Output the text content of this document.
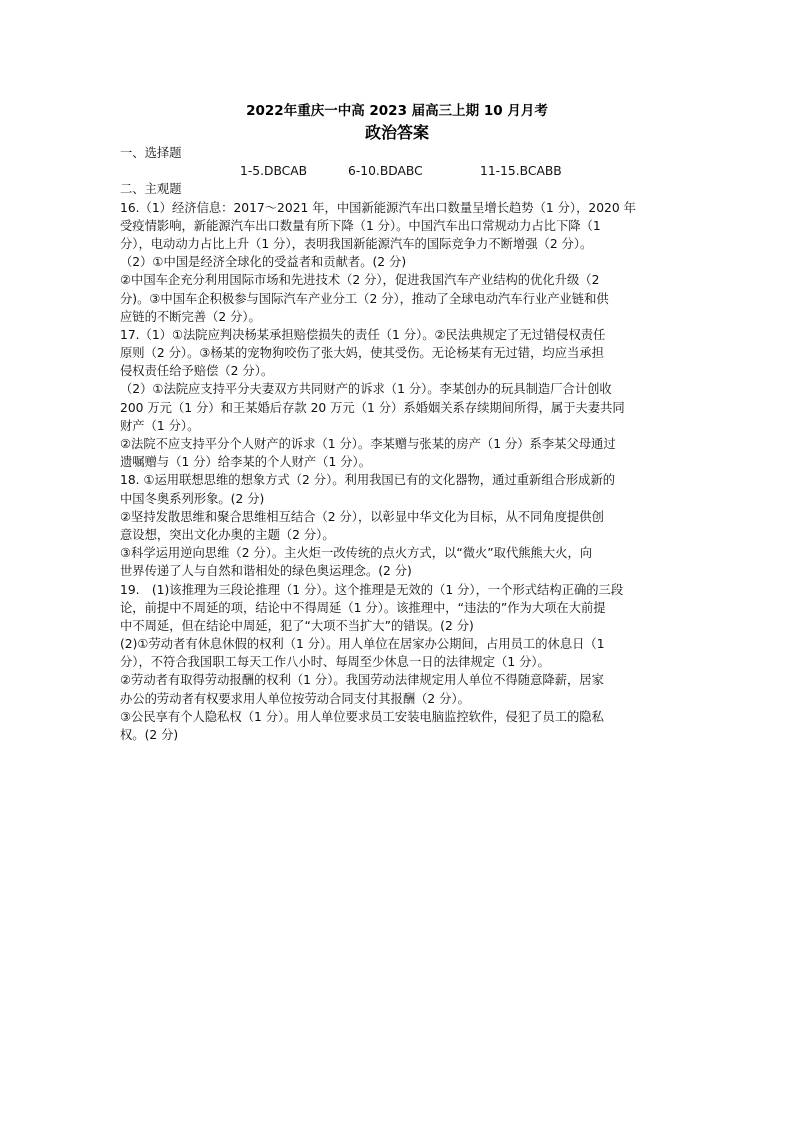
2022年重庆一中高 2023 届高三上期 10 月月考
政治答案
一、选择题
1-5.DBCAB	6-10.BDABC	11-15.BCABB
二、主观题
16.（1）经济信息：2017～2021 年，中国新能源汽车出口数量呈增长趋势（1 分），2020 年
受疫情影响，新能源汽车出口数量有所下降（1 分）。中国汽车出口常规动力占比下降（1
分），电动动力占比上升（1 分），表明我国新能源汽车的国际竞争力不断增强（2 分）。
（2）①中国是经济全球化的受益者和贡献者。(2 分)
②中国车企充分利用国际市场和先进技术（2 分），促进我国汽车产业结构的优化升级（2
分)。③中国车企积极参与国际汽车产业分工（2 分），推动了全球电动汽车行业产业链和供
应链的不断完善（2 分）。
17.（1）①法院应判决杨某承担赔偿损失的责任（1 分）。②民法典规定了无过错侵权责任
原则（2 分）。③杨某的宠物狗咬伤了张大妈，使其受伤。无论杨某有无过错，均应当承担
侵权责任给予赔偿（2 分）。
（2）①法院应支持平分夫妻双方共同财产的诉求（1 分）。李某创办的玩具制造厂合计创收
200 万元（1 分）和王某婚后存款 20 万元（1 分）系婚姻关系存续期间所得，属于夫妻共同
财产（1 分）。
②法院不应支持平分个人财产的诉求（1 分）。李某赠与张某的房产（1 分）系李某父母通过
遗嘱赠与（1 分）给李某的个人财产（1 分）。
18. ①运用联想思维的想象方式（2 分）。利用我国已有的文化器物，通过重新组合形成新的
中国冬奥系列形象。(2 分)
②坚持发散思维和聚合思维相互结合（2 分），以彰显中华文化为目标，从不同角度提供创
意设想，突出文化办奥的主题（2 分）。
③科学运用逆向思维（2 分）。主火炬一改传统的点火方式，以“微火”取代熊熊大火，向
世界传递了人与自然和谐相处的绿色奥运理念。(2 分)
19.　(1)该推理为三段论推理（1 分）。这个推理是无效的（1 分），一个形式结构正确的三段
论，前提中不周延的项，结论中不得周延（1 分）。该推理中，“违法的”作为大项在大前提
中不周延，但在结论中周延，犯了“大项不当扩大”的错误。(2 分)
(2)①劳动者有休息休假的权利（1 分）。用人单位在居家办公期间，占用员工的休息日（1
分），不符合我国职工每天工作八小时、每周至少休息一日的法律规定（1 分）。
②劳动者有取得劳动报酬的权利（1 分）。我国劳动法律规定用人单位不得随意降薪，居家
办公的劳动者有权要求用人单位按劳动合同支付其报酬（2 分）。
③公民享有个人隐私权（1 分）。用人单位要求员工安装电脑监控软件，侵犯了员工的隐私
权。(2 分)
